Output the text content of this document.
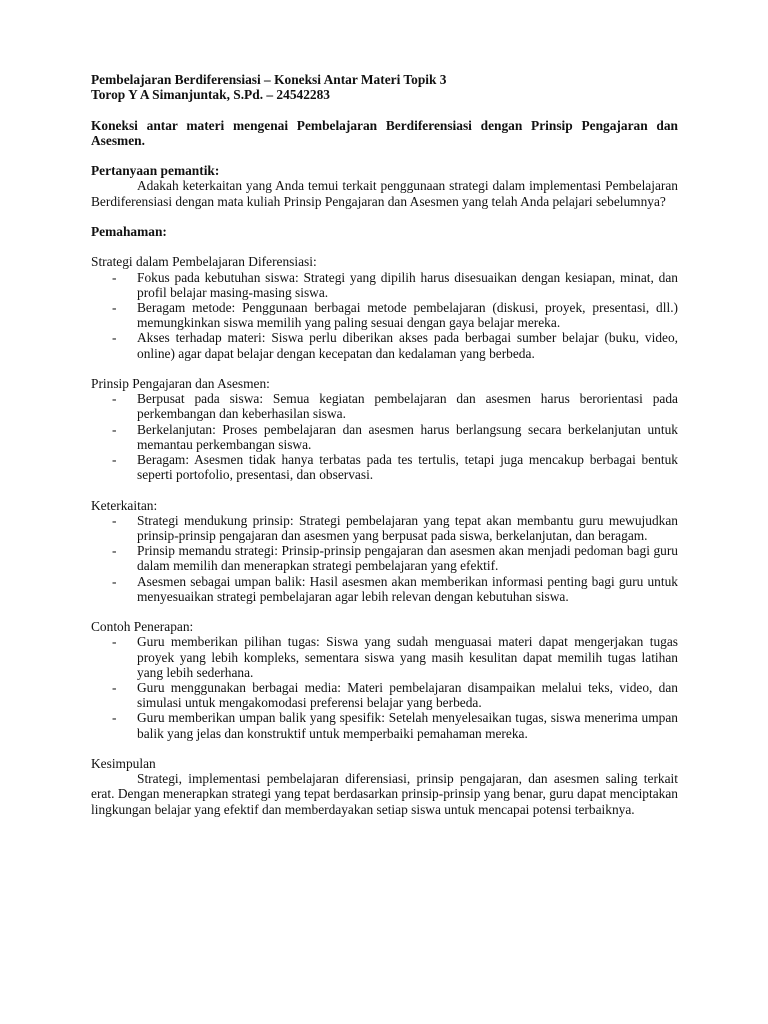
Pembelajaran Berdiferensiasi – Koneksi Antar Materi Topik 3
Torop Y A Simanjuntak, S.Pd. – 24542283
Koneksi antar materi mengenai Pembelajaran Berdiferensiasi dengan Prinsip Pengajaran dan Asesmen.
Pertanyaan pemantik:
Adakah keterkaitan yang Anda temui terkait penggunaan strategi dalam implementasi Pembelajaran Berdiferensiasi dengan mata kuliah Prinsip Pengajaran dan Asesmen yang telah Anda pelajari sebelumnya?
Pemahaman:
Strategi dalam Pembelajaran Diferensiasi:
- Fokus pada kebutuhan siswa: Strategi yang dipilih harus disesuaikan dengan kesiapan, minat, dan profil belajar masing-masing siswa.
- Beragam metode: Penggunaan berbagai metode pembelajaran (diskusi, proyek, presentasi, dll.) memungkinkan siswa memilih yang paling sesuai dengan gaya belajar mereka.
- Akses terhadap materi: Siswa perlu diberikan akses pada berbagai sumber belajar (buku, video, online) agar dapat belajar dengan kecepatan dan kedalaman yang berbeda.
Prinsip Pengajaran dan Asesmen:
- Berpusat pada siswa: Semua kegiatan pembelajaran dan asesmen harus berorientasi pada perkembangan dan keberhasilan siswa.
- Berkelanjutan: Proses pembelajaran dan asesmen harus berlangsung secara berkelanjutan untuk memantau perkembangan siswa.
- Beragam: Asesmen tidak hanya terbatas pada tes tertulis, tetapi juga mencakup berbagai bentuk seperti portofolio, presentasi, dan observasi.
Keterkaitan:
- Strategi mendukung prinsip: Strategi pembelajaran yang tepat akan membantu guru mewujudkan prinsip-prinsip pengajaran dan asesmen yang berpusat pada siswa, berkelanjutan, dan beragam.
- Prinsip memandu strategi: Prinsip-prinsip pengajaran dan asesmen akan menjadi pedoman bagi guru dalam memilih dan menerapkan strategi pembelajaran yang efektif.
- Asesmen sebagai umpan balik: Hasil asesmen akan memberikan informasi penting bagi guru untuk menyesuaikan strategi pembelajaran agar lebih relevan dengan kebutuhan siswa.
Contoh Penerapan:
- Guru memberikan pilihan tugas: Siswa yang sudah menguasai materi dapat mengerjakan tugas proyek yang lebih kompleks, sementara siswa yang masih kesulitan dapat memilih tugas latihan yang lebih sederhana.
- Guru menggunakan berbagai media: Materi pembelajaran disampaikan melalui teks, video, dan simulasi untuk mengakomodasi preferensi belajar yang berbeda.
- Guru memberikan umpan balik yang spesifik: Setelah menyelesaikan tugas, siswa menerima umpan balik yang jelas dan konstruktif untuk memperbaiki pemahaman mereka.
Kesimpulan
Strategi, implementasi pembelajaran diferensiasi, prinsip pengajaran, dan asesmen saling terkait erat. Dengan menerapkan strategi yang tepat berdasarkan prinsip-prinsip yang benar, guru dapat menciptakan lingkungan belajar yang efektif dan memberdayakan setiap siswa untuk mencapai potensi terbaiknya.
